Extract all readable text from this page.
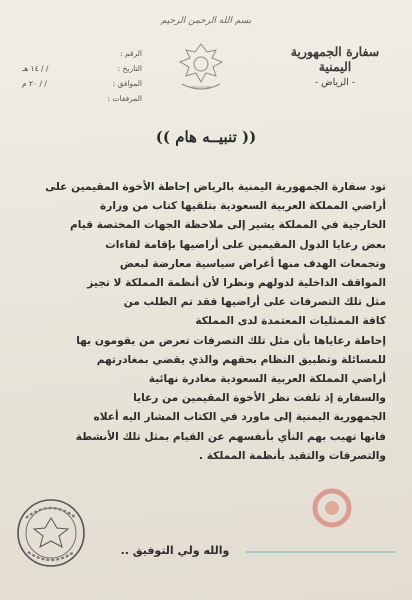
بسم الله الرحمن الرحيم
سفارة الجمهورية اليمنية
- الرياض -
الرقم :
التاريخ :
/ / ١٤ هـ
الموافق :
/ / ٢٠ م
المرفقات :
(( تنبيــه هام ))
تود سفارة الجمهورية اليمنية بالرياض إحاطة الأخوة المقيمين على
أراضي المملكة العربية السعودية بتلقيها كتاب من وزارة
الخارجية في المملكة يشير إلى ملاحظة الجهات المختصة قيام
بعض رعايا الدول المقيمين على أراضيها بإقامة لقاءات
وتجمعات الهدف منها أغراض سياسية معارضة لبعض
المواقف الداخلية لدولهم ونظرا لأن أنظمة المملكة لا تجيز
مثل تلك التصرفات على أراضيها فقد تم الطلب من
كافة الممثليات المعتمدة لدى المملكة
إحاطة رعاياها بأن مثل تلك التصرفات تعرض من يقومون بها
للمسائلة وتطبيق النظام بحقهم والذي يقضي بمغادرتهم
أراضي المملكة العربية السعودية مغادرة نهائية
والسفارة إذ تلفت نظر الأخوة المقيمين من رعايا
الجمهورية اليمنية إلى ماورد في الكتاب المشار اليه أعلاه
فانها تهيب بهم النأي بأنفسهم عن القيام بمثل تلك الأنشطة
والتصرفات والتقيد بأنظمة المملكة .
والله ولي التوفيق ..
